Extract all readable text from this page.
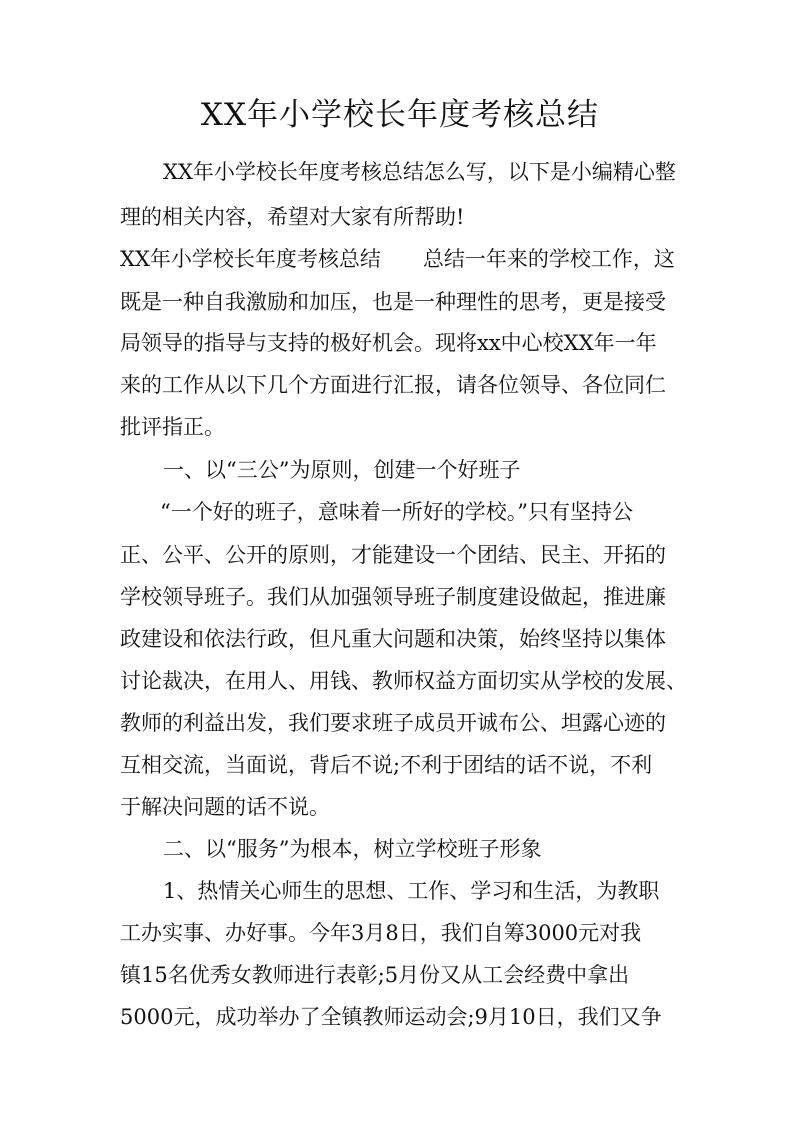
XX年小学校长年度考核总结
XX年小学校长年度考核总结怎么写，以下是小编精心整
理的相关内容，希望对大家有所帮助!
XX年小学校长年度考核总结　　总结一年来的学校工作，这
既是一种自我激励和加压，也是一种理性的思考，更是接受
局领导的指导与支持的极好机会。现将xx中心校XX年一年
来的工作从以下几个方面进行汇报，请各位领导、各位同仁
批评指正。
一、以“三公”为原则，创建一个好班子
“一个好的班子，意味着一所好的学校。”只有坚持公
正、公平、公开的原则，才能建设一个团结、民主、开拓的
学校领导班子。我们从加强领导班子制度建设做起，推进廉
政建设和依法行政，但凡重大问题和决策，始终坚持以集体
讨论裁决，在用人、用钱、教师权益方面切实从学校的发展、
教师的利益出发，我们要求班子成员开诚布公、坦露心迹的
互相交流，当面说，背后不说;不利于团结的话不说，不利
于解决问题的话不说。
二、以“服务”为根本，树立学校班子形象
1、热情关心师生的思想、工作、学习和生活，为教职
工办实事、办好事。今年3月8日，我们自筹3000元对我
镇15名优秀女教师进行表彰;5月份又从工会经费中拿出
5000元，成功举办了全镇教师运动会;9月10日，我们又争
